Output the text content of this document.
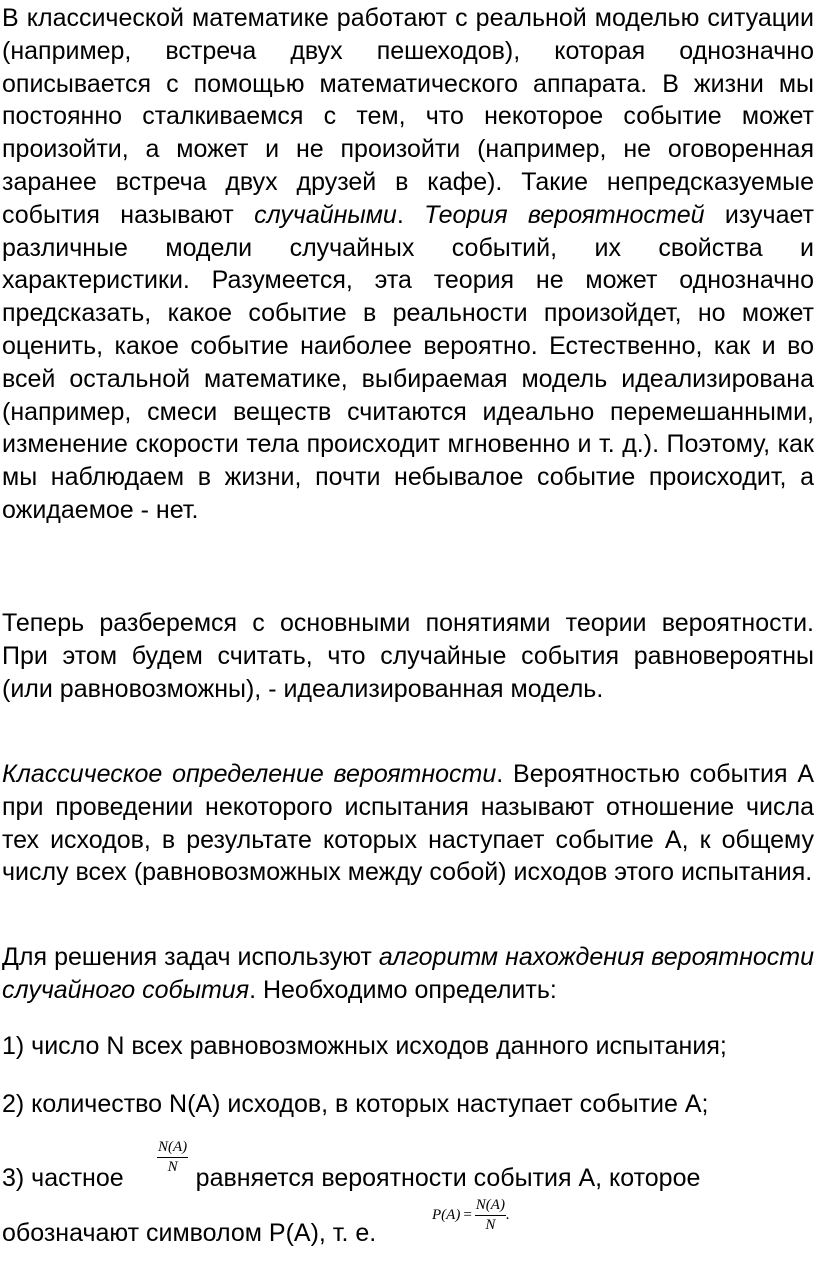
В классической математике работают с реальной моделью ситуации (например, встреча двух пешеходов), которая однозначно описывается с помощью математического аппарата. В жизни мы постоянно сталкиваемся с тем, что некоторое событие может произойти, а может и не произойти (например, не оговоренная заранее встреча двух друзей в кафе). Такие непредсказуемые события называют случайными. Теория вероятностей изучает различные модели случайных событий, их свойства и характеристики. Разумеется, эта теория не может однозначно предсказать, какое событие в реальности произойдет, но может оценить, какое событие наиболее вероятно. Естественно, как и во всей остальной математике, выбираемая модель идеализирована (например, смеси веществ считаются идеально перемешанными, изменение скорости тела происходит мгновенно и т. д.). Поэтому, как мы наблюдаем в жизни, почти небывалое событие происходит, а ожидаемое - нет.

Теперь разберемся с основными понятиями теории вероятности. При этом будем считать, что случайные события равновероятны (или равновозможны), - идеализированная модель.

Классическое определение вероятности. Вероятностью события А при проведении некоторого испытания называют отношение числа тех исходов, в результате которых наступает событие А, к общему числу всех (равновозможных между собой) исходов этого испытания.

Для решения задач используют алгоритм нахождения вероятности случайного события. Необходимо определить:

1) число N всех равновозможных исходов данного испытания;

2) количество N(A) исходов, в которых наступает событие А;

3) частное	равняется вероятности события А, которое

обозначают символом Р(А), т. е.

$\frac{N(A)}{N}$
$P(A) = \frac{N(A)}{N}$ .
